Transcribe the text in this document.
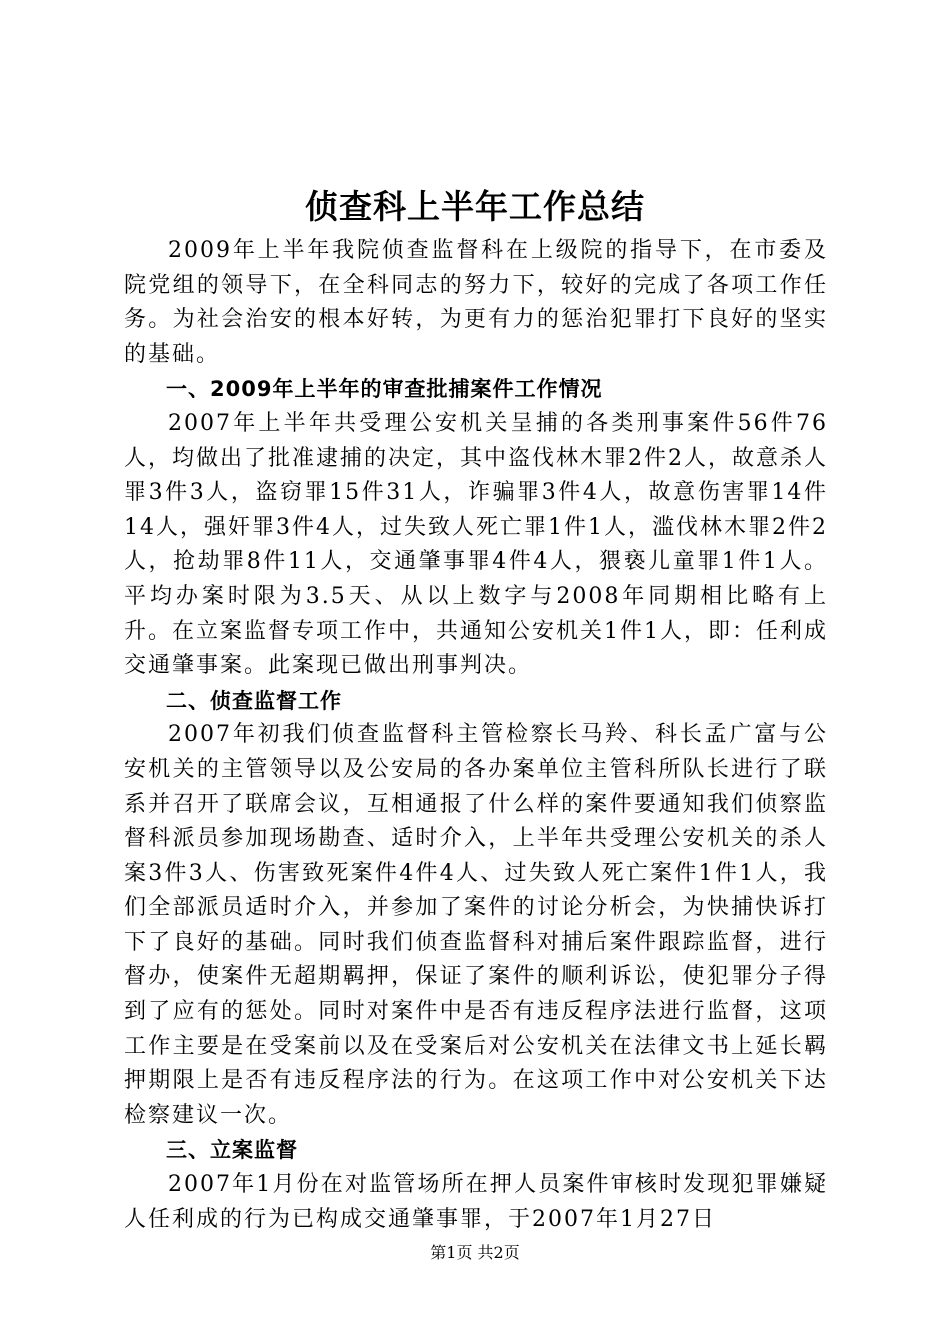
侦查科上半年工作总结

2009年上半年我院侦查监督科在上级院的指导下，在市委及院党组的领导下，在全科同志的努力下，较好的完成了各项工作任务。为社会治安的根本好转，为更有力的惩治犯罪打下良好的坚实的基础。

一、2009年上半年的审查批捕案件工作情况

2007年上半年共受理公安机关呈捕的各类刑事案件56件76人，均做出了批准逮捕的决定，其中盗伐林木罪2件2人，故意杀人罪3件3人，盗窃罪15件31人，诈骗罪3件4人，故意伤害罪14件14人，强奸罪3件4人，过失致人死亡罪1件1人，滥伐林木罪2件2人，抢劫罪8件11人，交通肇事罪4件4人，猥亵儿童罪1件1人。平均办案时限为3.5天、从以上数字与2008年同期相比略有上升。在立案监督专项工作中，共通知公安机关1件1人，即：任利成交通肇事案。此案现已做出刑事判决。

二、侦查监督工作

2007年初我们侦查监督科主管检察长马羚、科长孟广富与公安机关的主管领导以及公安局的各办案单位主管科所队长进行了联系并召开了联席会议，互相通报了什么样的案件要通知我们侦察监督科派员参加现场勘查、适时介入，上半年共受理公安机关的杀人案3件3人、伤害致死案件4件4人、过失致人死亡案件1件1人，我们全部派员适时介入，并参加了案件的讨论分析会，为快捕快诉打下了良好的基础。同时我们侦查监督科对捕后案件跟踪监督，进行督办，使案件无超期羁押，保证了案件的顺利诉讼，使犯罪分子得到了应有的惩处。同时对案件中是否有违反程序法进行监督，这项工作主要是在受案前以及在受案后对公安机关在法律文书上延长羁押期限上是否有违反程序法的行为。在这项工作中对公安机关下达检察建议一次。

三、立案监督

2007年1月份在对监管场所在押人员案件审核时发现犯罪嫌疑人任利成的行为已构成交通肇事罪，于2007年1月27日

第1页 共2页
